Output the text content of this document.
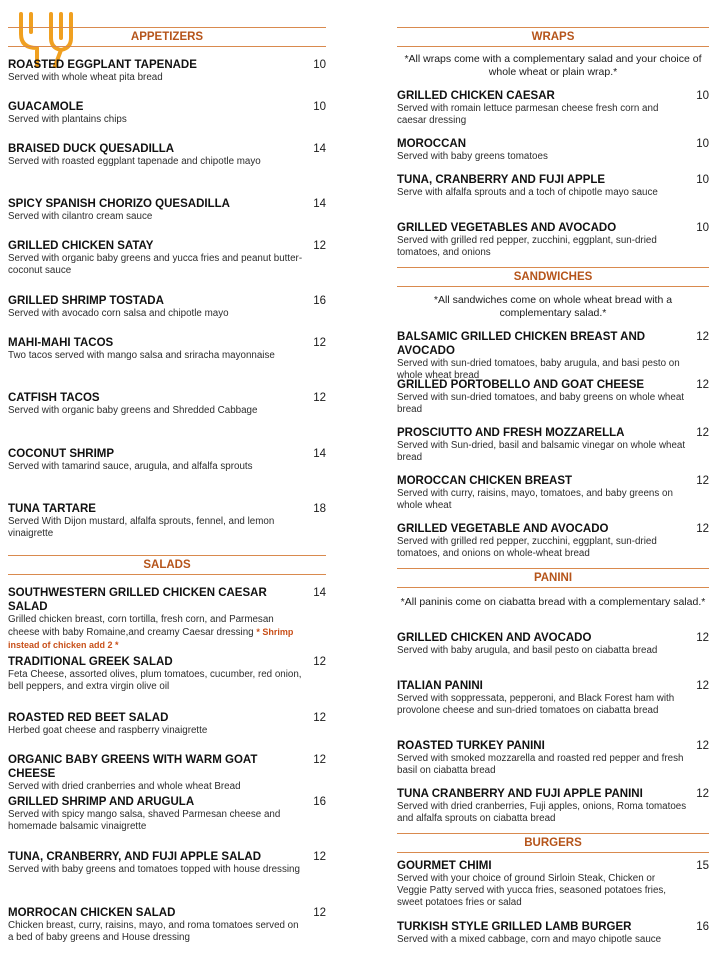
APPETIZERS
ROASTED EGGPLANT TAPENADE	10
Served with whole wheat pita bread
GUACAMOLE	10
Served with plantains chips
BRAISED DUCK QUESADILLA	14
Served with roasted eggplant tapenade and chipotle mayo
SPICY SPANISH CHORIZO QUESADILLA	14
Served with cilantro cream sauce
GRILLED CHICKEN SATAY	12
Served with organic baby greens and yucca fries and peanut butter-coconut sauce
GRILLED SHRIMP TOSTADA	16
Served with avocado corn salsa and chipotle mayo
MAHI-MAHI TACOS	12
Two tacos served with mango salsa and sriracha mayonnaise
CATFISH TACOS	12
Served with organic baby greens and Shredded Cabbage
COCONUT SHRIMP	14
Served with tamarind sauce, arugula, and alfalfa sprouts
TUNA TARTARE	18
Served With Dijon mustard, alfalfa sprouts, fennel, and lemon vinaigrette
SALADS
SOUTHWESTERN GRILLED CHICKEN CAESAR SALAD
14
Grilled chicken breast, corn tortilla, fresh corn, and Parmesan cheese with baby Romaine,and creamy Caesar dressing * Shrimp instead of chicken add 2 *
TRADITIONAL GREEK SALAD	12
Feta Cheese, assorted olives, plum tomatoes, cucumber, red onion, bell peppers, and extra virgin olive oil
ROASTED RED BEET SALAD	12
Herbed goat cheese and raspberry vinaigrette
ORGANIC BABY GREENS WITH WARM GOAT CHEESE
12
Served with dried cranberries and whole wheat Bread
GRILLED SHRIMP AND ARUGULA	16
Served with spicy mango salsa, shaved Parmesan cheese and homemade balsamic vinaigrette
TUNA, CRANBERRY, AND FUJI APPLE SALAD	12
Served with baby greens and tomatoes topped with house dressing
MORROCAN CHICKEN SALAD	12
Chicken breast, curry, raisins, mayo, and roma tomatoes served on a bed of baby greens and House dressing
WRAPS
*All wraps come with a complementary salad and your choice of whole wheat or plain wrap.*
GRILLED CHICKEN CAESAR	10
Served with romain lettuce parmesan cheese fresh corn and caesar dressing
MOROCCAN	10
Served with baby greens tomatoes
TUNA, CRANBERRY AND FUJI APPLE	10
Serve with alfalfa sprouts and a toch of chipotle mayo sauce
GRILLED VEGETABLES AND AVOCADO	10
Served with grilled red pepper, zucchini, eggplant, sun-dried tomatoes, and onions
SANDWICHES
*All sandwiches come on whole wheat bread with a complementary salad.*
BALSAMIC GRILLED CHICKEN BREAST AND AVOCADO
12
Served with sun-dried tomatoes, baby arugula, and basi pesto on whole wheat bread
GRILLED PORTOBELLO AND GOAT CHEESE	12
Served with sun-dried tomatoes, and baby greens on whole wheat bread
PROSCIUTTO AND FRESH MOZZARELLA	12
Served with Sun-dried, basil and balsamic vinegar on whole wheat bread
MOROCCAN CHICKEN BREAST	12
Served with curry, raisins, mayo, tomatoes, and baby greens on whole wheat
GRILLED VEGETABLE AND AVOCADO	12
Served with grilled red pepper, zucchini, eggplant, sun-dried tomatoes, and onions on whole-wheat bread
PANINI
*All paninis come on ciabatta bread with a complementary salad.*
GRILLED CHICKEN AND AVOCADO	12
Served with baby arugula, and basil pesto on ciabatta bread
ITALIAN PANINI	12
Served with soppressata, pepperoni, and Black Forest ham with provolone cheese and sun-dried tomatoes on ciabatta bread
ROASTED TURKEY PANINI	12
Served with smoked mozzarella and roasted red pepper and fresh basil on ciabatta bread
TUNA CRANBERRY AND FUJI APPLE PANINI	12
Served with dried cranberries, Fuji apples, onions, Roma tomatoes and alfalfa sprouts on ciabatta bread
BURGERS
GOURMET CHIMI	15
Served with your choice of ground Sirloin Steak, Chicken or Veggie Patty served with yucca fries, seasoned potatoes fries, sweet potatoes fries or salad
TURKISH STYLE GRILLED LAMB BURGER	16
Served with a mixed cabbage, corn and mayo chipotle sauce
